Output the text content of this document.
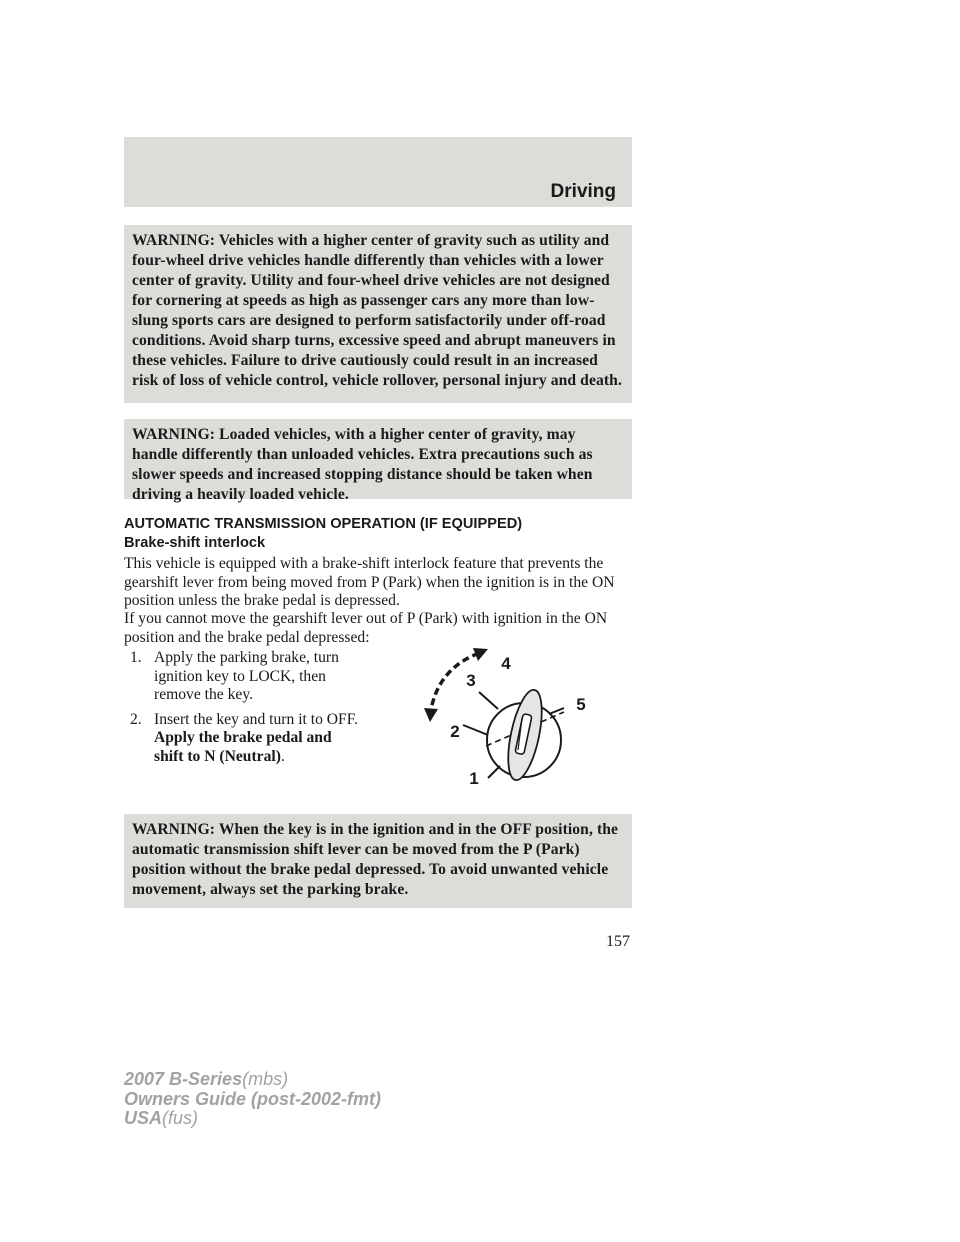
Driving

WARNING: Vehicles with a higher center of gravity such as utility and four-wheel drive vehicles handle differently than vehicles with a lower center of gravity. Utility and four-wheel drive vehicles are not designed for cornering at speeds as high as passenger cars any more than low-slung sports cars are designed to perform satisfactorily under off-road conditions. Avoid sharp turns, excessive speed and abrupt maneuvers in these vehicles. Failure to drive cautiously could result in an increased risk of loss of vehicle control, vehicle rollover, personal injury and death.

WARNING: Loaded vehicles, with a higher center of gravity, may handle differently than unloaded vehicles. Extra precautions such as slower speeds and increased stopping distance should be taken when driving a heavily loaded vehicle.

AUTOMATIC TRANSMISSION OPERATION (IF EQUIPPED)
Brake-shift interlock

This vehicle is equipped with a brake-shift interlock feature that prevents the gearshift lever from being moved from P (Park) when the ignition is in the ON position unless the brake pedal is depressed.

If you cannot move the gearshift lever out of P (Park) with ignition in the ON position and the brake pedal depressed:

1. Apply the parking brake, turn ignition key to LOCK, then remove the key.
2. Insert the key and turn it to OFF. Apply the brake pedal and shift to N (Neutral).
1
2
3
4
5

WARNING: When the key is in the ignition and in the OFF position, the automatic transmission shift lever can be moved from the P (Park) position without the brake pedal depressed. To avoid unwanted vehicle movement, always set the parking brake.

157

2007 B-Series(mbs)
Owners Guide (post-2002-fmt)
USA(fus)
